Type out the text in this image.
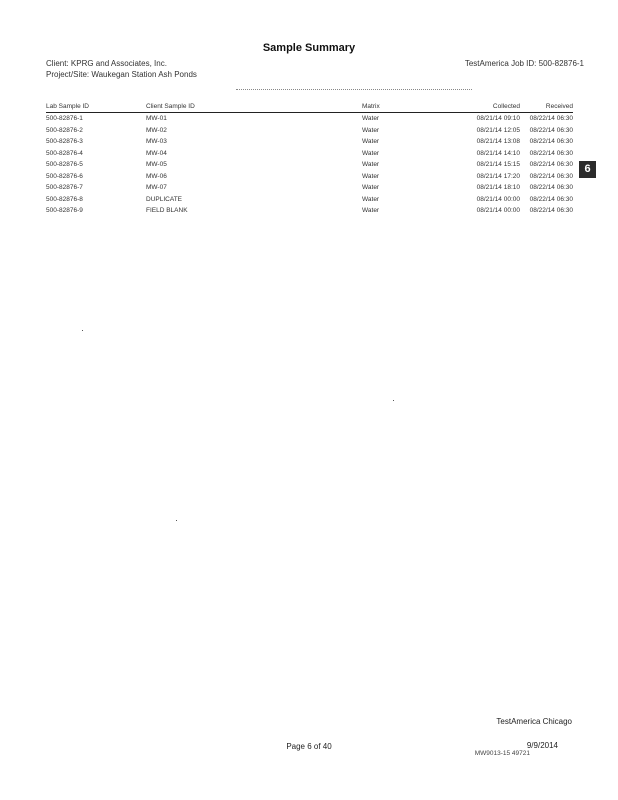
Sample Summary
Client: KPRG and Associates, Inc.
Project/Site: Waukegan Station Ash Ponds
TestAmerica Job ID: 500-82876-1
Lab Sample ID	Client Sample ID	Matrix	Collected	Received
500-82876-1	MW-01	Water	08/21/14 09:10	08/22/14 06:30
500-82876-2	MW-02	Water	08/21/14 12:05	08/22/14 06:30
500-82876-3	MW-03	Water	08/21/14 13:08	08/22/14 06:30
500-82876-4	MW-04	Water	08/21/14 14:10	08/22/14 06:30
500-82876-5	MW-05	Water	08/21/14 15:15	08/22/14 06:30
500-82876-6	MW-06	Water	08/21/14 17:20	08/22/14 06:30
500-82876-7	MW-07	Water	08/21/14 18:10	08/22/14 06:30
500-82876-8	DUPLICATE	Water	08/21/14 00:00	08/22/14 06:30
500-82876-9	FIELD BLANK	Water	08/21/14 00:00	08/22/14 06:30
6
TestAmerica Chicago
Page 6 of 40	9/9/2014
MW9013-15 49721
